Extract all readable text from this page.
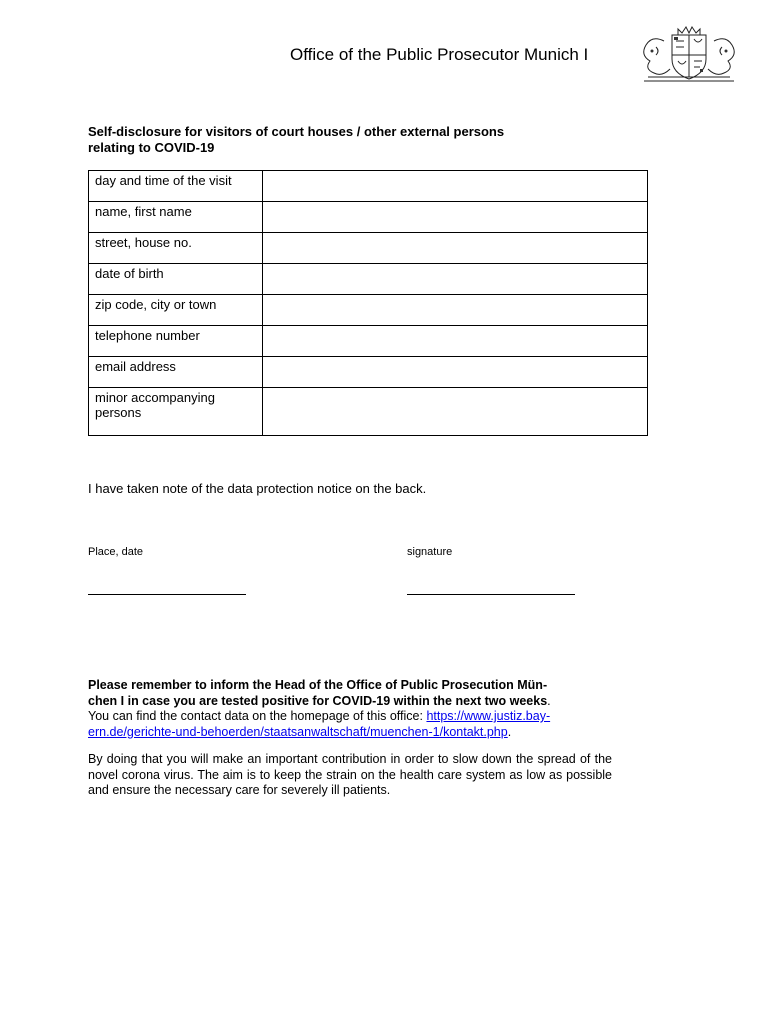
Office of the Public Prosecutor Munich I
Self-disclosure for visitors of court houses / other external persons
relating to COVID-19
day and time of the visit	

name, first name	

street, house no.	

date of birth	

zip code, city or town	

telephone number	

email address	

minor accompanying
persons	

I have taken note of the data protection notice on the back.
Place, date	signature

Please remember to inform the Head of the Office of Public Prosecution Mün-
chen I in case you are tested positive for COVID-19 within the next two weeks.
You can find the contact data on the homepage of this office: https://www.justiz.bay-
ern.de/gerichte-und-behoerden/staatsanwaltschaft/muenchen-1/kontakt.php.

By doing that you will make an important contribution in order to slow down the spread of the novel corona virus. The aim is to keep the strain on the health care system as low as possible and ensure the necessary care for severely ill patients.
